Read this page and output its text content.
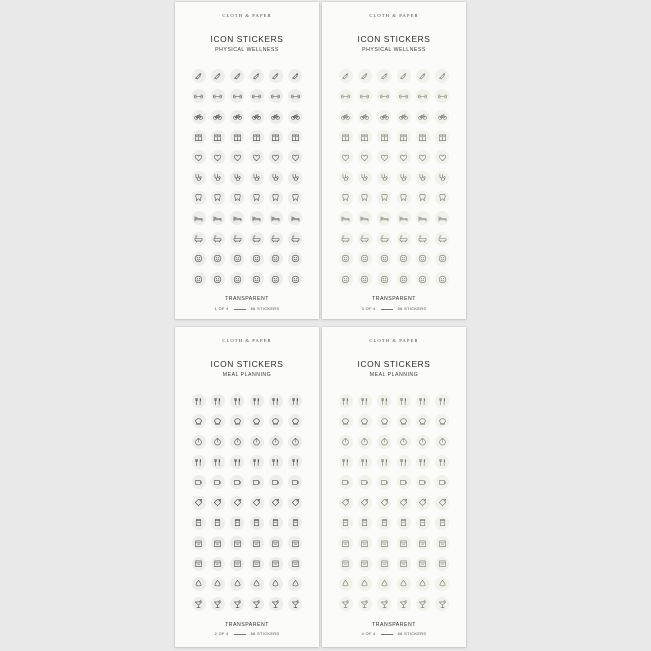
CLOTH & PAPER
ICON STICKERS
PHYSICAL WELLNESS
TRANSPARENT
1 OF 4	66 STICKERS
CLOTH & PAPER
ICON STICKERS
PHYSICAL WELLNESS
TRANSPARENT
3 OF 4	66 STICKERS
CLOTH & PAPER
ICON STICKERS
MEAL PLANNING
TRANSPARENT
2 OF 4	66 STICKERS
CLOTH & PAPER
ICON STICKERS
MEAL PLANNING
TRANSPARENT
4 OF 4	66 STICKERS
